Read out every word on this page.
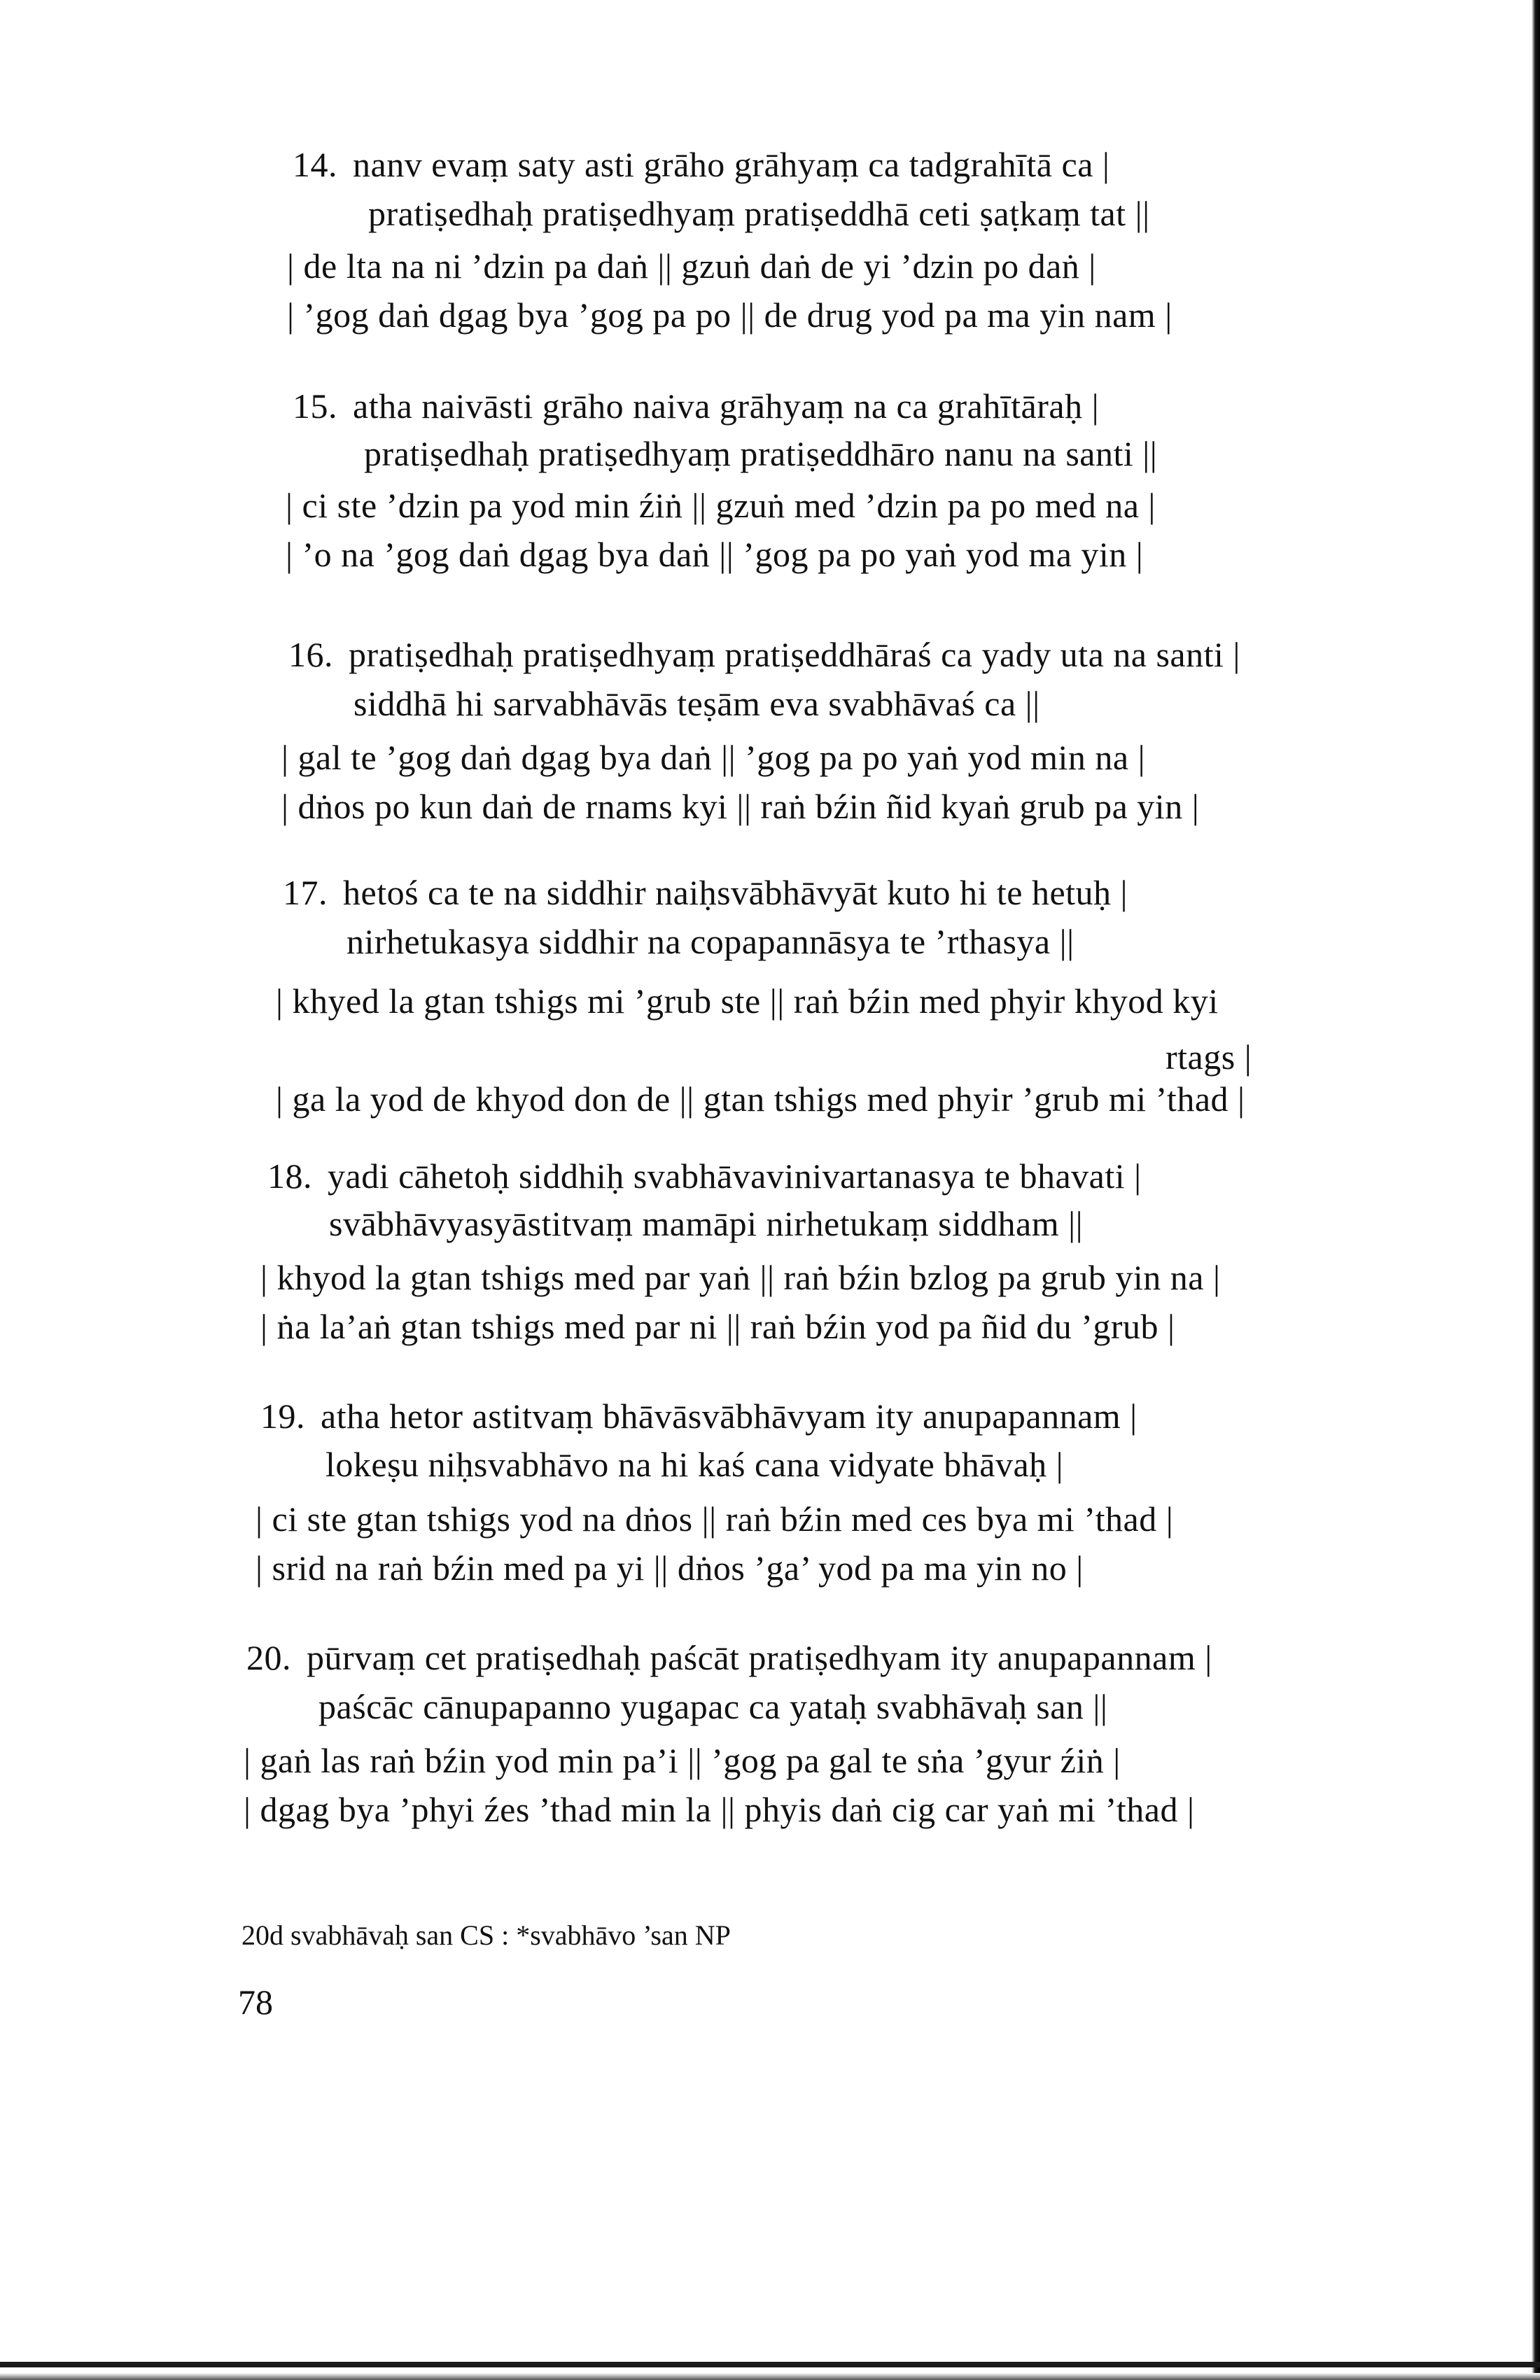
14. nanv evaṃ saty asti grāho grāhyaṃ ca tadgrahītā ca |
pratiṣedhaḥ pratiṣedhyaṃ pratiṣeddhā ceti ṣaṭkaṃ tat ||
| de lta na ni ’dzin pa daṅ || gzuṅ daṅ de yi ’dzin po daṅ |
| ’gog daṅ dgag bya ’gog pa po || de drug yod pa ma yin nam |
15. atha naivāsti grāho naiva grāhyaṃ na ca grahītāraḥ |
pratiṣedhaḥ pratiṣedhyaṃ pratiṣeddhāro nanu na santi ||
| ci ste ’dzin pa yod min źiṅ || gzuṅ med ’dzin pa po med na |
| ’o na ’gog daṅ dgag bya daṅ || ’gog pa po yaṅ yod ma yin |
16. pratiṣedhaḥ pratiṣedhyaṃ pratiṣeddhāraś ca yady uta na santi |
siddhā hi sarvabhāvās teṣām eva svabhāvaś ca ||
| gal te ’gog daṅ dgag bya daṅ || ’gog pa po yaṅ yod min na |
| dṅos po kun daṅ de rnams kyi || raṅ bźin ñid kyaṅ grub pa yin |
17. hetoś ca te na siddhir naiḥsvābhāvyāt kuto hi te hetuḥ |
nirhetukasya siddhir na copapannāsya te ’rthasya ||
| khyed la gtan tshigs mi ’grub ste || raṅ bźin med phyir khyod kyi
rtags |
| ga la yod de khyod don de || gtan tshigs med phyir ’grub mi ’thad |
18. yadi cāhetoḥ siddhiḥ svabhāvavinivartanasya te bhavati |
svābhāvyasyāstitvaṃ mamāpi nirhetukaṃ siddham ||
| khyod la gtan tshigs med par yaṅ || raṅ bźin bzlog pa grub yin na |
| ṅa la’aṅ gtan tshigs med par ni || raṅ bźin yod pa ñid du ’grub |
19. atha hetor astitvaṃ bhāvāsvābhāvyam ity anupapannam |
lokeṣu niḥsvabhāvo na hi kaś cana vidyate bhāvaḥ |
| ci ste gtan tshigs yod na dṅos || raṅ bźin med ces bya mi ’thad |
| srid na raṅ bźin med pa yi || dṅos ’ga’ yod pa ma yin no |
20. pūrvaṃ cet pratiṣedhaḥ paścāt pratiṣedhyam ity anupapannam |
paścāc cānupapanno yugapac ca yataḥ svabhāvaḥ san ||
| gaṅ las raṅ bźin yod min pa’i || ’gog pa gal te sṅa ’gyur źiṅ |
| dgag bya ’phyi źes ’thad min la || phyis daṅ cig car yaṅ mi ’thad |
20d svabhāvaḥ san CS : *svabhāvo ’san NP
78
